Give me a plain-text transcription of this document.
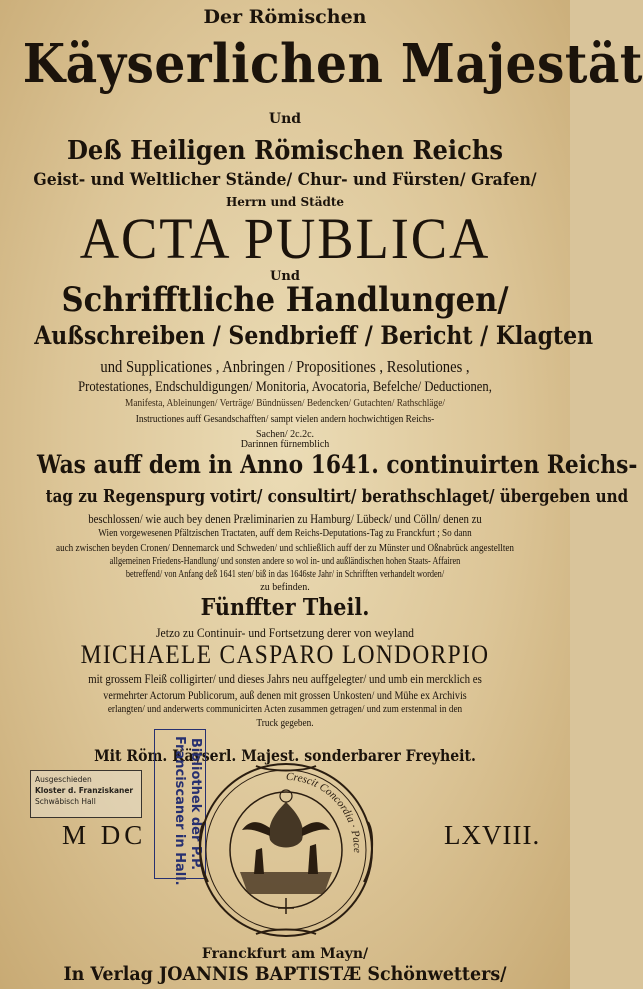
Der Römischen
Käyserlichen Majestät
Und
Deß Heiligen Römischen Reichs
Geist- und Weltlicher Stände/ Chur- und Fürsten/ Grafen/
Herrn und Städte
ACTA PUBLICA
Und
Schrifftliche Handlungen/
Außschreiben / Sendbrieff / Bericht / Klagten
und Supplicationes , Anbringen / Propositiones , Resolutiones ,
Protestationes, Endschuldigungen/ Monitoria, Avocatoria, Befelche/ Deductionen,
Manifesta, Ableinungen/ Verträge/ Bündnüssen/ Bedencken/ Gutachten/ Rathschläge/
Instructiones auff Gesandschafften/ sampt vielen andern hochwichtigen Reichs-
Sachen/ 2c.2c.
Darinnen fürnemblich
Was auff dem in Anno 1641. continuirten Reichs-
tag zu Regenspurg votirt/ consultirt/ berathschlaget/ übergeben und
beschlossen/ wie auch bey denen Præliminarien zu Hamburg/ Lübeck/ und Cölln/ denen zu
Wien vorgewesenen Pfältzischen Tractaten, auff dem Reichs-Deputations-Tag zu Franckfurt ; So dann
auch zwischen beyden Cronen/ Dennemarck und Schweden/ und schließlich auff der zu Münster und Oßnabrück angestellten
allgemeinen Friedens-Handlung/ und sonsten andere so wol in- und außländischen hohen Staats- Affairen
betreffend/ von Anfang deß 1641 sten/ biß in das 1646ste Jahr/ in Schrifften verhandelt worden/
zu befinden.
Fünffter Theil.
Jetzo zu Continuir- und Fortsetzung derer von weyland
MICHAELE CASPARO LONDORPIO
mit grossem Fleiß colligirter/ und dieses Jahrs neu auffgelegter/ und umb ein mercklich es
vermehrter Actorum Publicorum, auß denen mit grossen Unkosten/ und Mühe ex Archivis
erlangten/ und anderwerts communicirten Acten zusammen getragen/ und zum erstenmal in den
Truck gegeben.
Mit Röm. Käyserl. Majest. sonderbarer Freyheit.
Ausgeschieden
Kloster d. Franziskaner
Schwäbisch Hall	Bibliothek der P.P.
Franciscaner in Hall.
M DC	LXVIII.
Crescit Concordia · Pace
Franckfurt am Mayn/
In Verlag JOANNIS BAPTISTÆ Schönwetters/
